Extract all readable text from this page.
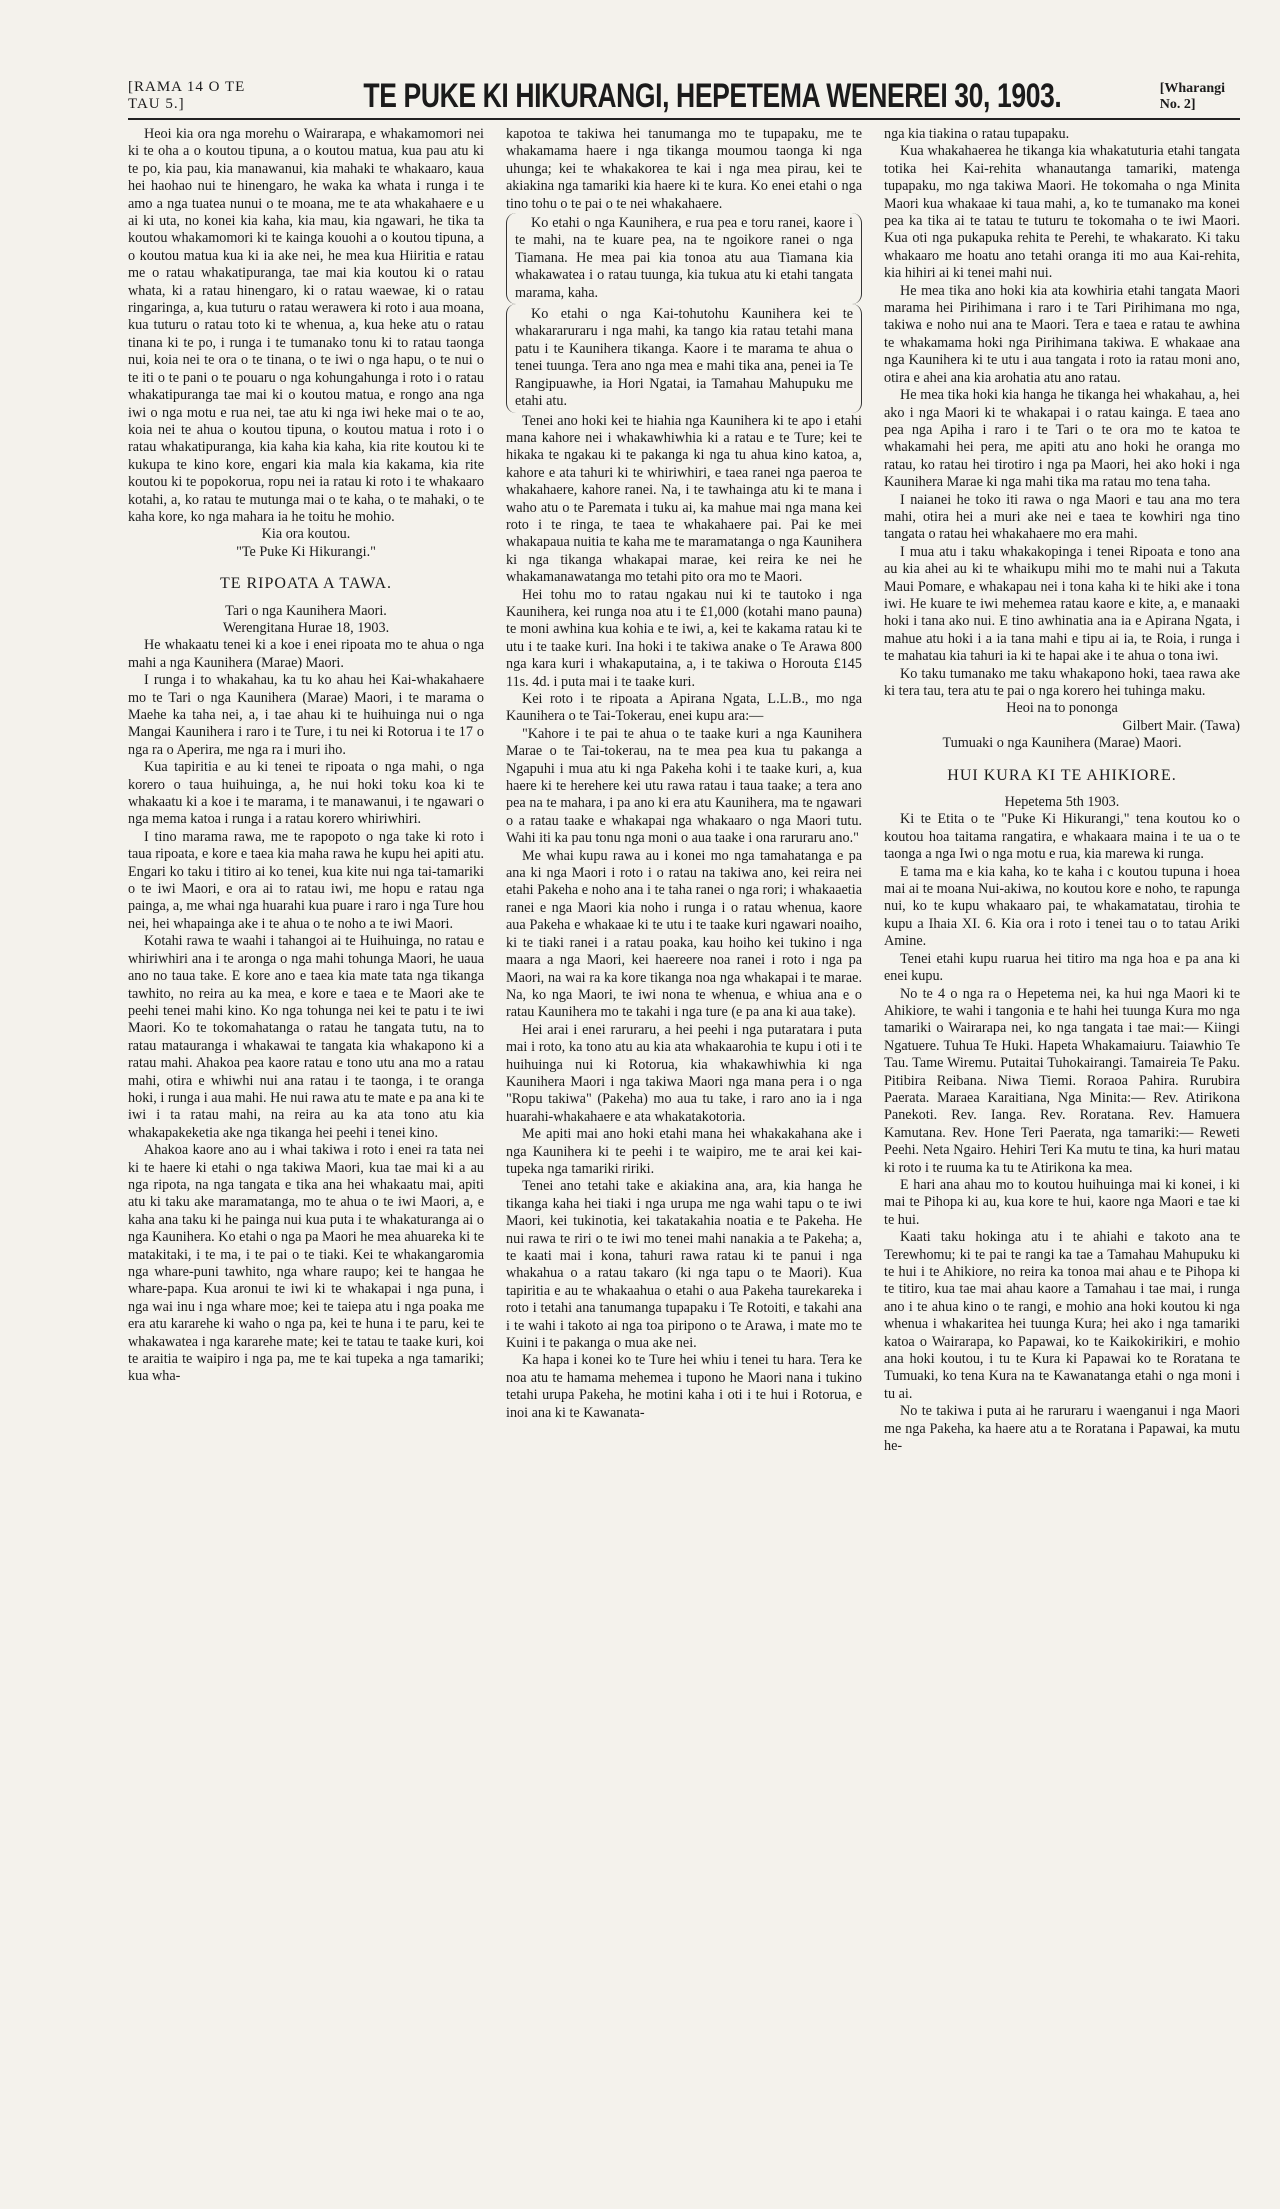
[RAMA 14 O TE TAU 5.]	TE PUKE KI HIKURANGI, HEPETEMA WENEREI 30, 1903.	[Wharangi No. 2]

Heoi kia ora nga morehu o Wairarapa, e whakamomori nei ki te oha a o koutou tipuna, a o koutou matua, kua pau atu ki te po, kia pau, kia manawanui, kia mahaki te whakaaro, kaua hei haohao nui te hinengaro, he waka ka whata i runga i te amo a nga tuatea nunui o te moana, me te ata whakahaere e u ai ki uta, no konei kia kaha, kia mau, kia ngawari, he tika ta koutou whakamomori ki te kainga kouohi a o koutou tipuna, a o koutou matua kua ki ia ake nei, he mea kua Hiiritia e ratau me o ratau whakatipuranga, tae mai kia koutou ki o ratau whata, ki a ratau hinengaro, ki o ratau waewae, ki o ratau ringaringa, a, kua tuturu o ratau werawera ki roto i aua moana, kua tuturu o ratau toto ki te whenua, a, kua heke atu o ratau tinana ki te po, i runga i te tumanako tonu ki to ratau taonga nui, koia nei te ora o te tinana, o te iwi o nga hapu, o te nui o te iti o te pani o te pouaru o nga kohungahunga i roto i o ratau whakatipuranga tae mai ki o koutou matua, e rongo ana nga iwi o nga motu e rua nei, tae atu ki nga iwi heke mai o te ao, koia nei te ahua o koutou tipuna, o koutou matua i roto i o ratau whakatipuranga, kia kaha kia kaha, kia rite koutou ki te kukupa te kino kore, engari kia mala kia kakama, kia rite koutou ki te popokorua, ropu nei ia ratau ki roto i te whakaaro kotahi, a, ko ratau te mutunga mai o te kaha, o te mahaki, o te kaha kore, ko nga mahara ia he toitu he mohio.

Kia ora koutou.

"Te Puke Ki Hikurangi."

TE RIPOATA A TAWA.

Tari o nga Kaunihera Maori.

Werengitana Hurae 18, 1903.

He whakaatu tenei ki a koe i enei ripoata mo te ahua o nga mahi a nga Kaunihera (Marae) Maori.

I runga i to whakahau, ka tu ko ahau hei Kai-whakahaere mo te Tari o nga Kaunihera (Marae) Maori, i te marama o Maehe ka taha nei, a, i tae ahau ki te huihuinga nui o nga Mangai Kaunihera i raro i te Ture, i tu nei ki Rotorua i te 17 o nga ra o Aperira, me nga ra i muri iho.

Kua tapiritia e au ki tenei te ripoata o nga mahi, o nga korero o taua huihuinga, a, he nui hoki toku koa ki te whakaatu ki a koe i te marama, i te manawanui, i te ngawari o nga mema katoa i runga i a ratau korero whiriwhiri.

I tino marama rawa, me te rapopoto o nga take ki roto i taua ripoata, e kore e taea kia maha rawa he kupu hei apiti atu. Engari ko taku i titiro ai ko tenei, kua kite nui nga tai-tamariki o te iwi Maori, e ora ai to ratau iwi, me hopu e ratau nga painga, a, me whai nga huarahi kua puare i raro i nga Ture hou nei, hei whapainga ake i te ahua o te noho a te iwi Maori.

Kotahi rawa te waahi i tahangoi ai te Huihuinga, no ratau e whiriwhiri ana i te aronga o nga mahi tohunga Maori, he uaua ano no taua take. E kore ano e taea kia mate tata nga tikanga tawhito, no reira au ka mea, e kore e taea e te Maori ake te peehi tenei mahi kino. Ko nga tohunga nei kei te patu i te iwi Maori. Ko te tokomahatanga o ratau he tangata tutu, na to ratau matauranga i whakawai te tangata kia whakapono ki a ratau mahi. Ahakoa pea kaore ratau e tono utu ana mo a ratau mahi, otira e whiwhi nui ana ratau i te taonga, i te oranga hoki, i runga i aua mahi. He nui rawa atu te mate e pa ana ki te iwi i ta ratau mahi, na reira au ka ata tono atu kia whakapakeketia ake nga tikanga hei peehi i tenei kino.

Ahakoa kaore ano au i whai takiwa i roto i enei ra tata nei ki te haere ki etahi o nga takiwa Maori, kua tae mai ki a au nga ripota, na nga tangata e tika ana hei whakaatu mai, apiti atu ki taku ake maramatanga, mo te ahua o te iwi Maori, a, e kaha ana taku ki he painga nui kua puta i te whakaturanga ai o nga Kaunihera. Ko etahi o nga pa Maori he mea ahuareka ki te matakitaki, i te ma, i te pai o te tiaki. Kei te whakangaromia nga whare-puni tawhito, nga whare raupo; kei te hangaa he whare-papa. Kua aronui te iwi ki te whakapai i nga puna, i nga wai inu i nga whare moe; kei te taiepa atu i nga poaka me era atu kararehe ki waho o nga pa, kei te huna i te paru, kei te whakawatea i nga kararehe mate; kei te tatau te taake kuri, koi te araitia te waipiro i nga pa, me te kai tupeka a nga tamariki; kua wha-

kapotoa te takiwa hei tanumanga mo te tupapaku, me te whakamama haere i nga tikanga moumou taonga ki nga uhunga; kei te whakakorea te kai i nga mea pirau, kei te akiakina nga tamariki kia haere ki te kura. Ko enei etahi o nga tino tohu o te pai o te nei whakahaere.

Ko etahi o nga Kaunihera, e rua pea e toru ranei, kaore i te mahi, na te kuare pea, na te ngoikore ranei o nga Tiamana. He mea pai kia tonoa atu aua Tiamana kia whakawatea i o ratau tuunga, kia tukua atu ki etahi tangata marama, kaha.

Ko etahi o nga Kai-tohutohu Kaunihera kei te whakararuraru i nga mahi, ka tango kia ratau tetahi mana patu i te Kaunihera tikanga. Kaore i te marama te ahua o tenei tuunga. Tera ano nga mea e mahi tika ana, penei ia Te Rangipuawhe, ia Hori Ngatai, ia Tamahau Mahupuku me etahi atu.

Tenei ano hoki kei te hiahia nga Kaunihera ki te apo i etahi mana kahore nei i whakawhiwhia ki a ratau e te Ture; kei te hikaka te ngakau ki te pakanga ki nga tu ahua kino katoa, a, kahore e ata tahuri ki te whiriwhiri, e taea ranei nga paeroa te whakahaere, kahore ranei. Na, i te tawhainga atu ki te mana i waho atu o te Paremata i tuku ai, ka mahue mai nga mana kei roto i te ringa, te taea te whakahaere pai. Pai ke mei whakapaua nuitia te kaha me te maramatanga o nga Kaunihera ki nga tikanga whakapai marae, kei reira ke nei he whakamanawatanga mo tetahi pito ora mo te Maori.

Hei tohu mo to ratau ngakau nui ki te tautoko i nga Kaunihera, kei runga noa atu i te £1,000 (kotahi mano pauna) te moni awhina kua kohia e te iwi, a, kei te kakama ratau ki te utu i te taake kuri. Ina hoki i te takiwa anake o Te Arawa 800 nga kara kuri i whakaputaina, a, i te takiwa o Horouta £145 11s. 4d. i puta mai i te taake kuri.

Kei roto i te ripoata a Apirana Ngata, L.L.B., mo nga Kaunihera o te Tai-Tokerau, enei kupu ara:—

"Kahore i te pai te ahua o te taake kuri a nga Kaunihera Marae o te Tai-tokerau, na te mea pea kua tu pakanga a Ngapuhi i mua atu ki nga Pakeha kohi i te taake kuri, a, kua haere ki te herehere kei utu rawa ratau i taua taake; a tera ano pea na te mahara, i pa ano ki era atu Kaunihera, ma te ngawari o a ratau taake e whakapai nga whakaaro o nga Maori tutu. Wahi iti ka pau tonu nga moni o aua taake i ona raruraru ano."

Me whai kupu rawa au i konei mo nga tamahatanga e pa ana ki nga Maori i roto i o ratau na takiwa ano, kei reira nei etahi Pakeha e noho ana i te taha ranei o nga rori; i whakaaetia ranei e nga Maori kia noho i runga i o ratau whenua, kaore aua Pakeha e whakaae ki te utu i te taake kuri ngawari noaiho, ki te tiaki ranei i a ratau poaka, kau hoiho kei tukino i nga maara a nga Maori, kei haereere noa ranei i roto i nga pa Maori, na wai ra ka kore tikanga noa nga whakapai i te marae. Na, ko nga Maori, te iwi nona te whenua, e whiua ana e o ratau Kaunihera mo te takahi i nga ture (e pa ana ki aua take).

Hei arai i enei raruraru, a hei peehi i nga putaratara i puta mai i roto, ka tono atu au kia ata whakaarohia te kupu i oti i te huihuinga nui ki Rotorua, kia whakawhiwhia ki nga Kaunihera Maori i nga takiwa Maori nga mana pera i o nga "Ropu takiwa" (Pakeha) mo aua tu take, i raro ano ia i nga huarahi-whakahaere e ata whakatakotoria.

Me apiti mai ano hoki etahi mana hei whakakahana ake i nga Kaunihera ki te peehi i te waipiro, me te arai kei kai-tupeka nga tamariki ririki.

Tenei ano tetahi take e akiakina ana, ara, kia hanga he tikanga kaha hei tiaki i nga urupa me nga wahi tapu o te iwi Maori, kei tukinotia, kei takatakahia noatia e te Pakeha. He nui rawa te riri o te iwi mo tenei mahi nanakia a te Pakeha; a, te kaati mai i kona, tahuri rawa ratau ki te panui i nga whakahua o a ratau takaro (ki nga tapu o te Maori). Kua tapiritia e au te whakaahua o etahi o aua Pakeha taurekareka i roto i tetahi ana tanumanga tupapaku i Te Rotoiti, e takahi ana i te wahi i takoto ai nga toa piripono o te Arawa, i mate mo te Kuini i te pakanga o mua ake nei.

Ka hapa i konei ko te Ture hei whiu i tenei tu hara. Tera ke noa atu te hamama mehemea i tupono he Maori nana i tukino tetahi urupa Pakeha, he motini kaha i oti i te hui i Rotorua, e inoi ana ki te Kawanata-

nga kia tiakina o ratau tupapaku.

Kua whakahaerea he tikanga kia whakatuturia etahi tangata totika hei Kai-rehita whanautanga tamariki, matenga tupapaku, mo nga takiwa Maori. He tokomaha o nga Minita Maori kua whakaae ki taua mahi, a, ko te tumanako ma konei pea ka tika ai te tatau te tuturu te tokomaha o te iwi Maori. Kua oti nga pukapuka rehita te Perehi, te whakarato. Ki taku whakaaro me hoatu ano tetahi oranga iti mo aua Kai-rehita, kia hihiri ai ki tenei mahi nui.

He mea tika ano hoki kia ata kowhiria etahi tangata Maori marama hei Pirihimana i raro i te Tari Pirihimana mo nga, takiwa e noho nui ana te Maori. Tera e taea e ratau te awhina te whakamama hoki nga Pirihimana takiwa. E whakaae ana nga Kaunihera ki te utu i aua tangata i roto ia ratau moni ano, otira e ahei ana kia arohatia atu ano ratau.

He mea tika hoki kia hanga he tikanga hei whakahau, a, hei ako i nga Maori ki te whakapai i o ratau kainga. E taea ano pea nga Apiha i raro i te Tari o te ora mo te katoa te whakamahi hei pera, me apiti atu ano hoki he oranga mo ratau, ko ratau hei tirotiro i nga pa Maori, hei ako hoki i nga Kaunihera Marae ki nga mahi tika ma ratau mo tena taha.

I naianei he toko iti rawa o nga Maori e tau ana mo tera mahi, otira hei a muri ake nei e taea te kowhiri nga tino tangata o ratau hei whakahaere mo era mahi.

I mua atu i taku whakakopinga i tenei Ripoata e tono ana au kia ahei au ki te whaikupu mihi mo te mahi nui a Takuta Maui Pomare, e whakapau nei i tona kaha ki te hiki ake i tona iwi. He kuare te iwi mehemea ratau kaore e kite, a, e manaaki hoki i tana ako nui. E tino awhinatia ana ia e Apirana Ngata, i mahue atu hoki i a ia tana mahi e tipu ai ia, te Roia, i runga i te mahatau kia tahuri ia ki te hapai ake i te ahua o tona iwi.

Ko taku tumanako me taku whakapono hoki, taea rawa ake ki tera tau, tera atu te pai o nga korero hei tuhinga maku.

Heoi na to pononga

Gilbert Mair. (Tawa)

Tumuaki o nga Kaunihera (Marae) Maori.

HUI KURA KI TE AHIKIORE.

Hepetema 5th 1903.

Ki te Etita o te "Puke Ki Hikurangi," tena koutou ko o koutou hoa taitama rangatira, e whakaara maina i te ua o te taonga a nga Iwi o nga motu e rua, kia marewa ki runga.

E tama ma e kia kaha, ko te kaha i c koutou tupuna i hoea mai ai te moana Nui-akiwa, no koutou kore e noho, te rapunga nui, ko te kupu whakaaro pai, te whakamatatau, tirohia te kupu a Ihaia XI. 6. Kia ora i roto i tenei tau o to tatau Ariki Amine.

Tenei etahi kupu ruarua hei titiro ma nga hoa e pa ana ki enei kupu.

No te 4 o nga ra o Hepetema nei, ka hui nga Maori ki te Ahikiore, te wahi i tangonia e te hahi hei tuunga Kura mo nga tamariki o Wairarapa nei, ko nga tangata i tae mai:— Kiingi Ngatuere. Tuhua Te Huki. Hapeta Whakamaiuru. Taiawhio Te Tau. Tame Wiremu. Putaitai Tuhokairangi. Tamaireia Te Paku. Pitibira Reibana. Niwa Tiemi. Roraoa Pahira. Rurubira Paerata. Maraea Karaitiana, Nga Minita:— Rev. Atirikona Panekoti. Rev. Ianga. Rev. Roratana. Rev. Hamuera Kamutana. Rev. Hone Teri Paerata, nga tamariki:— Reweti Peehi. Neta Ngairo. Hehiri Teri Ka mutu te tina, ka huri matau ki roto i te ruuma ka tu te Atirikona ka mea.

E hari ana ahau mo to koutou huihuinga mai ki konei, i ki mai te Pihopa ki au, kua kore te hui, kaore nga Maori e tae ki te hui.

Kaati taku hokinga atu i te ahiahi e takoto ana te Terewhomu; ki te pai te rangi ka tae a Tamahau Mahupuku ki te hui i te Ahikiore, no reira ka tonoa mai ahau e te Pihopa ki te titiro, kua tae mai ahau kaore a Tamahau i tae mai, i runga ano i te ahua kino o te rangi, e mohio ana hoki koutou ki nga whenua i whakaritea hei tuunga Kura; hei ako i nga tamariki katoa o Wairarapa, ko Papawai, ko te Kaikokirikiri, e mohio ana hoki koutou, i tu te Kura ki Papawai ko te Roratana te Tumuaki, ko tena Kura na te Kawanatanga etahi o nga moni i tu ai.

No te takiwa i puta ai he raruraru i waenganui i nga Maori me nga Pakeha, ka haere atu a te Roratana i Papawai, ka mutu he-
